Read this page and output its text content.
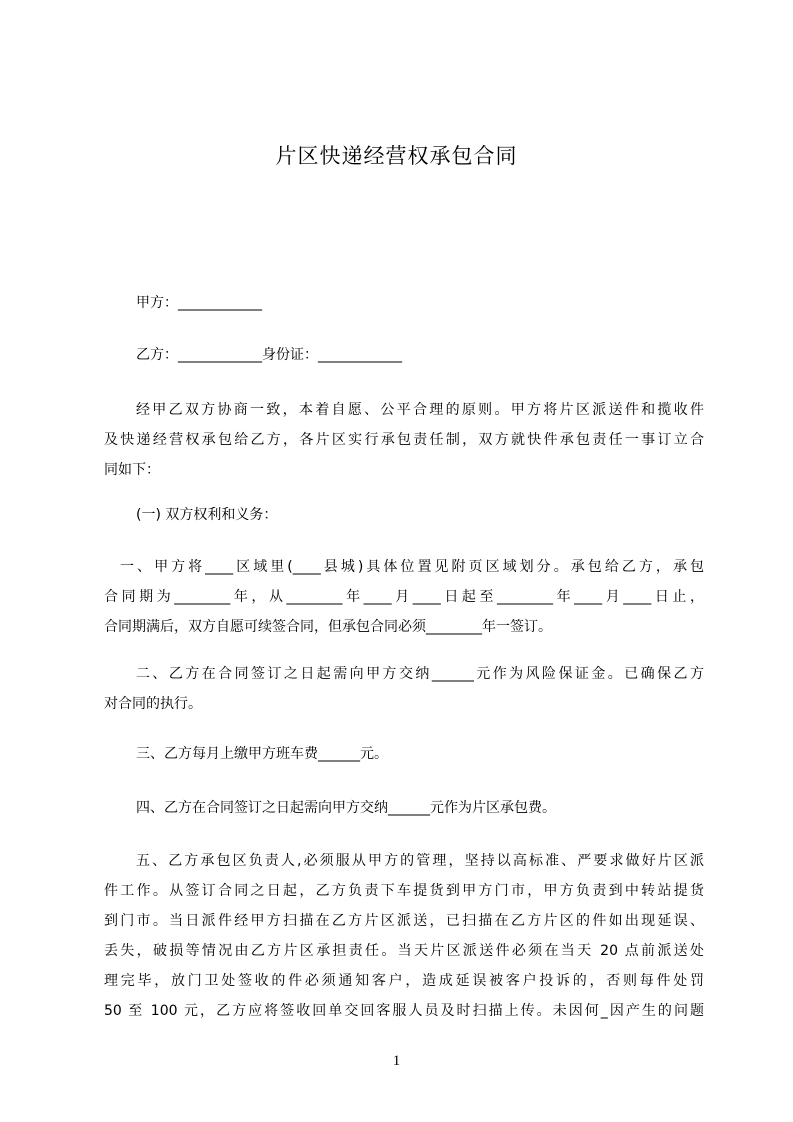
片区快递经营权承包合同
甲方：____________
乙方：____________身份证：____________
经甲乙双方协商一致，本着自愿、公平合理的原则。甲方将片区派送件和揽收件
及快递经营权承包给乙方，各片区实行承包责任制，双方就快件承包责任一事订立合
同如下：
(一) 双方权利和义务：
一、甲方将____区域里(____县城)具体位置见附页区域划分。承包给乙方，承包
合同期为________年，从________年____月____日起至________年____月____日止，
合同期满后，双方自愿可续签合同，但承包合同必须________年一签订。
二、乙方在合同签订之日起需向甲方交纳______元作为风险保证金。已确保乙方
对合同的执行。
三、乙方每月上缴甲方班车费______元。
四、乙方在合同签订之日起需向甲方交纳______元作为片区承包费。
五、乙方承包区负责人,必须服从甲方的管理，坚持以高标准、严要求做好片区派
件工作。从签订合同之日起，乙方负责下车提货到甲方门市，甲方负责到中转站提货
到门市。当日派件经甲方扫描在乙方片区派送，已扫描在乙方片区的件如出现延误、
丢失，破损等情况由乙方片区承担责任。当天片区派送件必须在当天 20 点前派送处
理完毕，放门卫处签收的件必须通知客户，造成延误被客户投诉的，否则每件处罚
50 至 100 元，乙方应将签收回单交回客服人员及时扫描上传。未因何_因产生的问题
1
